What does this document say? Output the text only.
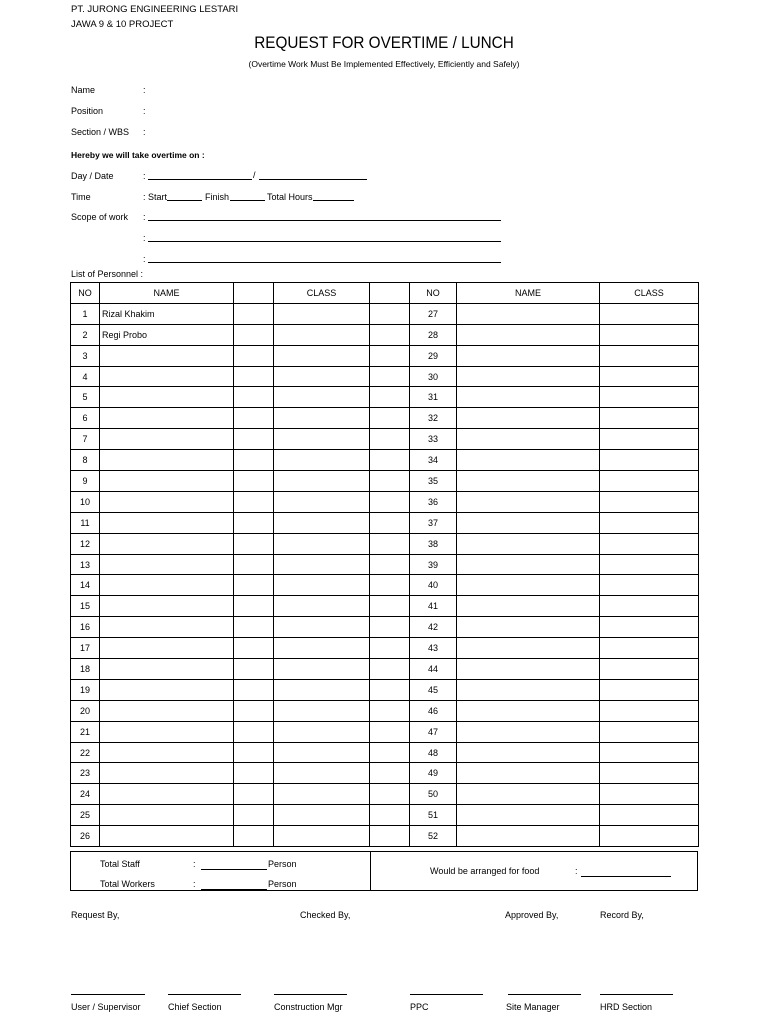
PT. JURONG ENGINEERING LESTARI
JAWA 9 & 10 PROJECT
REQUEST FOR OVERTIME / LUNCH
(Overtime Work Must Be Implemented Effectively, Efficiently and Safely)
Name	:
Position	:
Section / WBS :
Hereby we will take overtime on :
Day / Date	:	/
Time	: Start	Finish	Total Hours
Scope of work :
:
:
List of Personnel :
NO	NAME		CLASS		NO	NAME	CLASS
1	Rizal Khakim				27		
2	Regi Probo				28		
3					29		
4					30		
5					31		
6					32		
7					33		
8					34		
9					35		
10					36		
11					37		
12					38		
13					39		
14					40		
15					41		
16					42		
17					43		
18					44		
19					45		
20					46		
21					47		
22					48		
23					49		
24					50		
25					51		
26					52		
Total Staff	:	Person
Total Workers	:	Person
Would be arranged for food	:
Request By,	Checked By,	Approved By,	Record By,
User / Supervisor	Chief Section	Construction Mgr	PPC	Site Manager	HRD Section
